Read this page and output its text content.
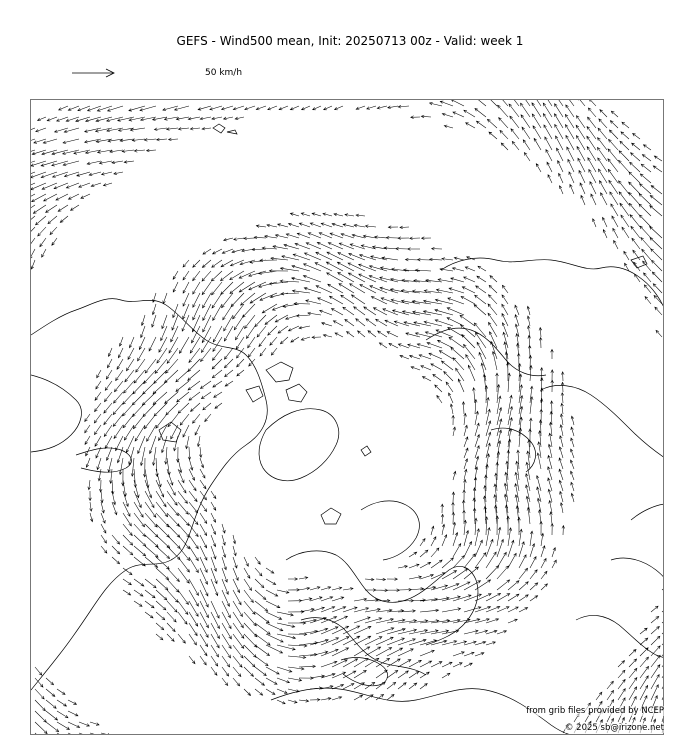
GEFS - Wind500 mean, Init: 20250713 00z - Valid: week 1
50 km/h
from grib files provided by NCEP
© 2025 sb@irizone.net
